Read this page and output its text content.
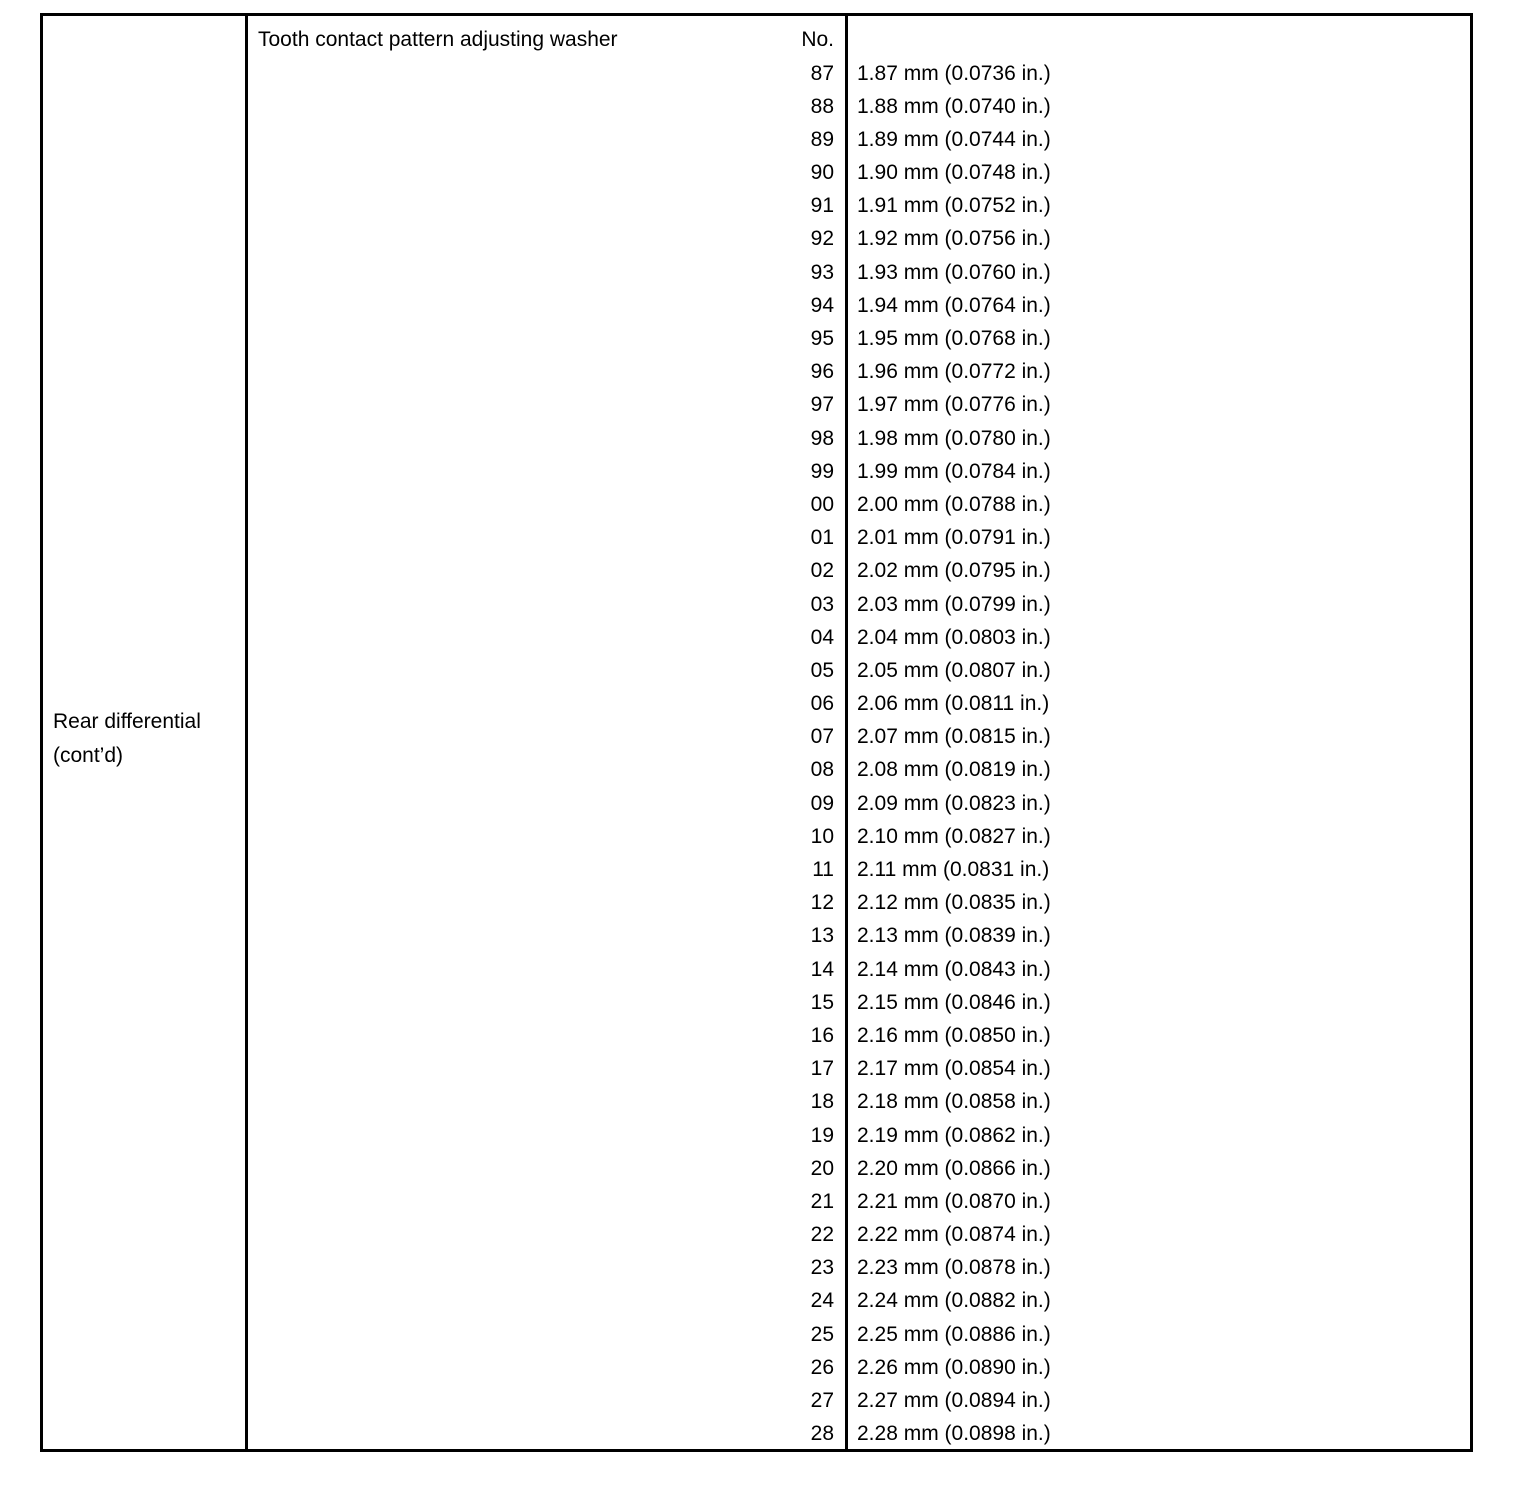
Rear differential
(cont’d)
Tooth contact pattern adjusting washer	No.
87
88
89
90
91
92
93
94
95
96
97
98
99
00
01
02
03
04
05
06
07
08
09
10
11
12
13
14
15
16
17
18
19
20
21
22
23
24
25
26
27
28
1.87 mm (0.0736 in.)
1.88 mm (0.0740 in.)
1.89 mm (0.0744 in.)
1.90 mm (0.0748 in.)
1.91 mm (0.0752 in.)
1.92 mm (0.0756 in.)
1.93 mm (0.0760 in.)
1.94 mm (0.0764 in.)
1.95 mm (0.0768 in.)
1.96 mm (0.0772 in.)
1.97 mm (0.0776 in.)
1.98 mm (0.0780 in.)
1.99 mm (0.0784 in.)
2.00 mm (0.0788 in.)
2.01 mm (0.0791 in.)
2.02 mm (0.0795 in.)
2.03 mm (0.0799 in.)
2.04 mm (0.0803 in.)
2.05 mm (0.0807 in.)
2.06 mm (0.0811 in.)
2.07 mm (0.0815 in.)
2.08 mm (0.0819 in.)
2.09 mm (0.0823 in.)
2.10 mm (0.0827 in.)
2.11 mm (0.0831 in.)
2.12 mm (0.0835 in.)
2.13 mm (0.0839 in.)
2.14 mm (0.0843 in.)
2.15 mm (0.0846 in.)
2.16 mm (0.0850 in.)
2.17 mm (0.0854 in.)
2.18 mm (0.0858 in.)
2.19 mm (0.0862 in.)
2.20 mm (0.0866 in.)
2.21 mm (0.0870 in.)
2.22 mm (0.0874 in.)
2.23 mm (0.0878 in.)
2.24 mm (0.0882 in.)
2.25 mm (0.0886 in.)
2.26 mm (0.0890 in.)
2.27 mm (0.0894 in.)
2.28 mm (0.0898 in.)
